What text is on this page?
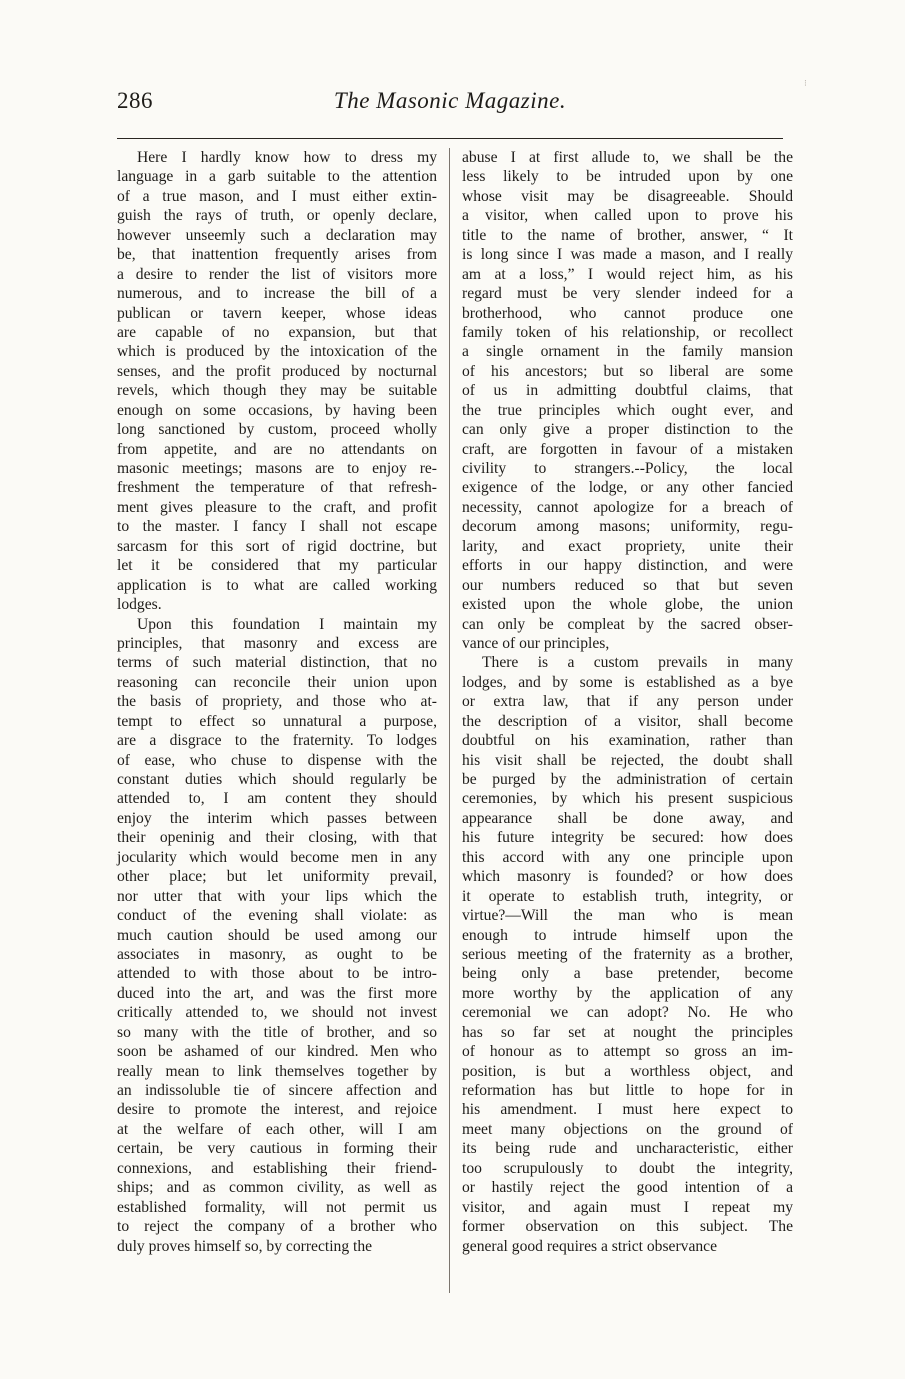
286	The Masonic Magazine.
⁝
Here I hardly know how to dress my
language in a garb suitable to the attention
of a true mason, and I must either extin-
guish the rays of truth, or openly declare,
however unseemly such a declaration may
be, that inattention frequently arises from
a desire to render the list of visitors more
numerous, and to increase the bill of a
publican or tavern keeper, whose ideas
are capable of no expansion, but that
which is produced by the intoxication of the
senses, and the profit produced by nocturnal
revels, which though they may be suitable
enough on some occasions, by having been
long sanctioned by custom, proceed wholly
from appetite, and are no attendants on
masonic meetings; masons are to enjoy re-
freshment the temperature of that refresh-
ment gives pleasure to the craft, and profit
to the master. I fancy I shall not escape
sarcasm for this sort of rigid doctrine, but
let it be considered that my particular
application is to what are called working
lodges.
Upon this foundation I maintain my
principles, that masonry and excess are
terms of such material distinction, that no
reasoning can reconcile their union upon
the basis of propriety, and those who at-
tempt to effect so unnatural a purpose,
are a disgrace to the fraternity. To lodges
of ease, who chuse to dispense with the
constant duties which should regularly be
attended to, I am content they should
enjoy the interim which passes between
their openinig and their closing, with that
jocularity which would become men in any
other place; but let uniformity prevail,
nor utter that with your lips which the
conduct of the evening shall violate: as
much caution should be used among our
associates in masonry, as ought to be
attended to with those about to be intro-
duced into the art, and was the first more
critically attended to, we should not invest
so many with the title of brother, and so
soon be ashamed of our kindred. Men who
really mean to link themselves together by
an indissoluble tie of sincere affection and
desire to promote the interest, and rejoice
at the welfare of each other, will I am
certain, be very cautious in forming their
connexions, and establishing their friend-
ships; and as common civility, as well as
established formality, will not permit us
to reject the company of a brother who
duly proves himself so, by correcting the
abuse I at first allude to, we shall be the
less likely to be intruded upon by one
whose visit may be disagreeable. Should
a visitor, when called upon to prove his
title to the name of brother, answer, “ It
is long since I was made a mason, and I really
am at a loss,” I would reject him, as his
regard must be very slender indeed for a
brotherhood, who cannot produce one
family token of his relationship, or recollect
a single ornament in the family mansion
of his ancestors; but so liberal are some
of us in admitting doubtful claims, that
the true principles which ought ever, and
can only give a proper distinction to the
craft, are forgotten in favour of a mistaken
civility to strangers.--Policy, the local
exigence of the lodge, or any other fancied
necessity, cannot apologize for a breach of
decorum among masons; uniformity, regu-
larity, and exact propriety, unite their
efforts in our happy distinction, and were
our numbers reduced so that but seven
existed upon the whole globe, the union
can only be compleat by the sacred obser-
vance of our principles,
There is a custom prevails in many
lodges, and by some is established as a bye
or extra law, that if any person under
the description of a visitor, shall become
doubtful on his examination, rather than
his visit shall be rejected, the doubt shall
be purged by the administration of certain
ceremonies, by which his present suspicious
appearance shall be done away, and
his future integrity be secured: how does
this accord with any one principle upon
which masonry is founded? or how does
it operate to establish truth, integrity, or
virtue?—Will the man who is mean
enough to intrude himself upon the
serious meeting of the fraternity as a brother,
being only a base pretender, become
more worthy by the application of any
ceremonial we can adopt? No. He who
has so far set at nought the principles
of honour as to attempt so gross an im-
position, is but a worthless object, and
reformation has but little to hope for in
his amendment. I must here expect to
meet many objections on the ground of
its being rude and uncharacteristic, either
too scrupulously to doubt the integrity,
or hastily reject the good intention of a
visitor, and again must I repeat my
former observation on this subject. The
general good requires a strict observance
